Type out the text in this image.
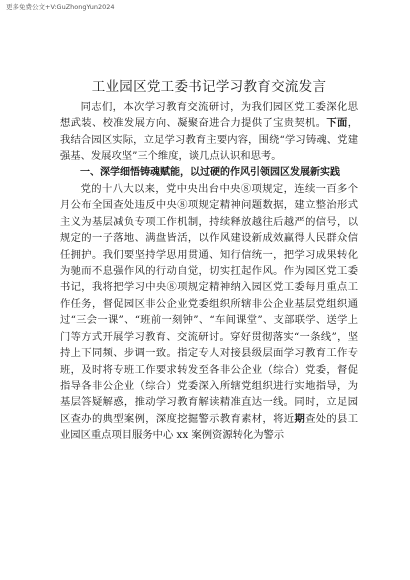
更多免费公文+V:GuZhongYun2024
工业园区党工委书记学习教育交流发言

同志们，本次学习教育交流研讨，为我们园区党工委深化思想武装、校准发展方向、凝聚奋进合力提供了宝贵契机。下面，我结合园区实际，立足学习教育主要内容，围绕“学习铸魂、党建强基、发展攻坚”三个维度，谈几点认识和思考。

一、深学细悟铸魂赋能，以过硬的作风引领园区发展新实践

党的十八大以来，党中央出台中央⑧项规定，连续一百多个月公布全国查处违反中央⑧项规定精神问题数据，建立整治形式主义为基层减负专项工作机制，持续释放越往后越严的信号，以规定的一子落地、满盘皆活，以作风建设新成效赢得人民群众信任拥护。我们要坚持学思用贯通、知行信统一，把学习成果转化为驰而不息强作风的行动自觉，切实扛起作风。作为园区党工委书记，我将把学习中央⑧项规定精神纳入园区党工委每月重点工作任务，督促园区非公企业党委组织所辖非公企业基层党组织通过“三会一课”、“班前一刻钟”、“车间课堂”、支部联学、送学上门等方式开展学习教育、交流研讨。穿好贯彻落实“一条线”，坚持上下同频、步调一致。指定专人对接县级层面学习教育工作专班，及时将专班工作要求转发至各非公企业（综合）党委，督促指导各非公企业（综合）党委深入所辖党组织进行实地指导，为基层答疑解惑，推动学习教育解读精准直达一线。同时，立足园区查办的典型案例，深度挖掘警示教育素材，将近期查处的县工业园区重点项目服务中心 xx 案例资源转化为警示
